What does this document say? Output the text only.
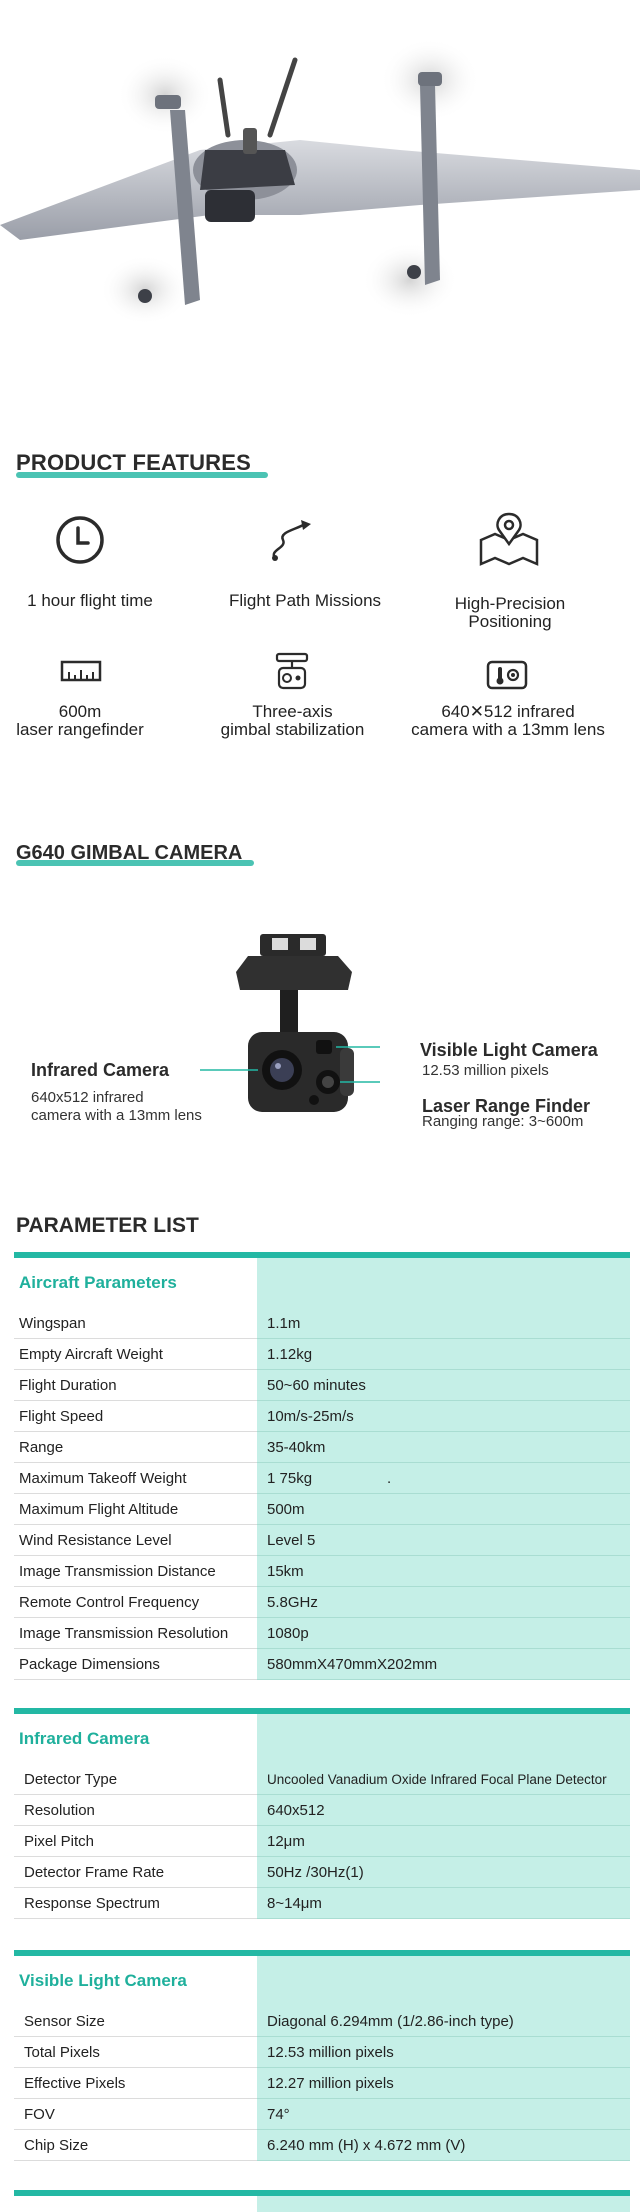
PRODUCT FEATURES
1 hour flight time	Flight Path Missions	High-Precision
Positioning
600m
laser rangefinder
Three-axis
gimbal stabilization
640✕512 infrared
camera with a 13mm lens
G640 GIMBAL CAMERA
Infrared Camera
640x512 infrared
camera with a 13mm lens
Visible Light Camera
12.53 million pixels
Laser Range Finder
Ranging range: 3~600m
PARAMETER LIST
Aircraft Parameters
Wingspan	1.1m
Empty Aircraft Weight	1.12kg
Flight Duration	50~60 minutes
Flight Speed	10m/s-25m/s
Range	35-40km
Maximum Takeoff Weight	1 75kg                  .
Maximum Flight Altitude	500m
Wind Resistance Level	Level 5
Image Transmission Distance	15km
Remote Control Frequency	5.8GHz
Image Transmission Resolution	1080p
Package Dimensions	580mmX470mmX202mm
Infrared Camera
Detector Type	Uncooled Vanadium Oxide Infrared Focal Plane Detector
Resolution	640x512
Pixel Pitch	12μm
Detector Frame Rate	50Hz /30Hz(1)
Response Spectrum	8~14μm
Visible Light Camera
Sensor Size	Diagonal 6.294mm (1/2.86-inch type)
Total Pixels	12.53 million pixels
Effective Pixels	12.27 million pixels
FOV	74°
Chip Size	6.240 mm (H) x 4.672 mm (V)
